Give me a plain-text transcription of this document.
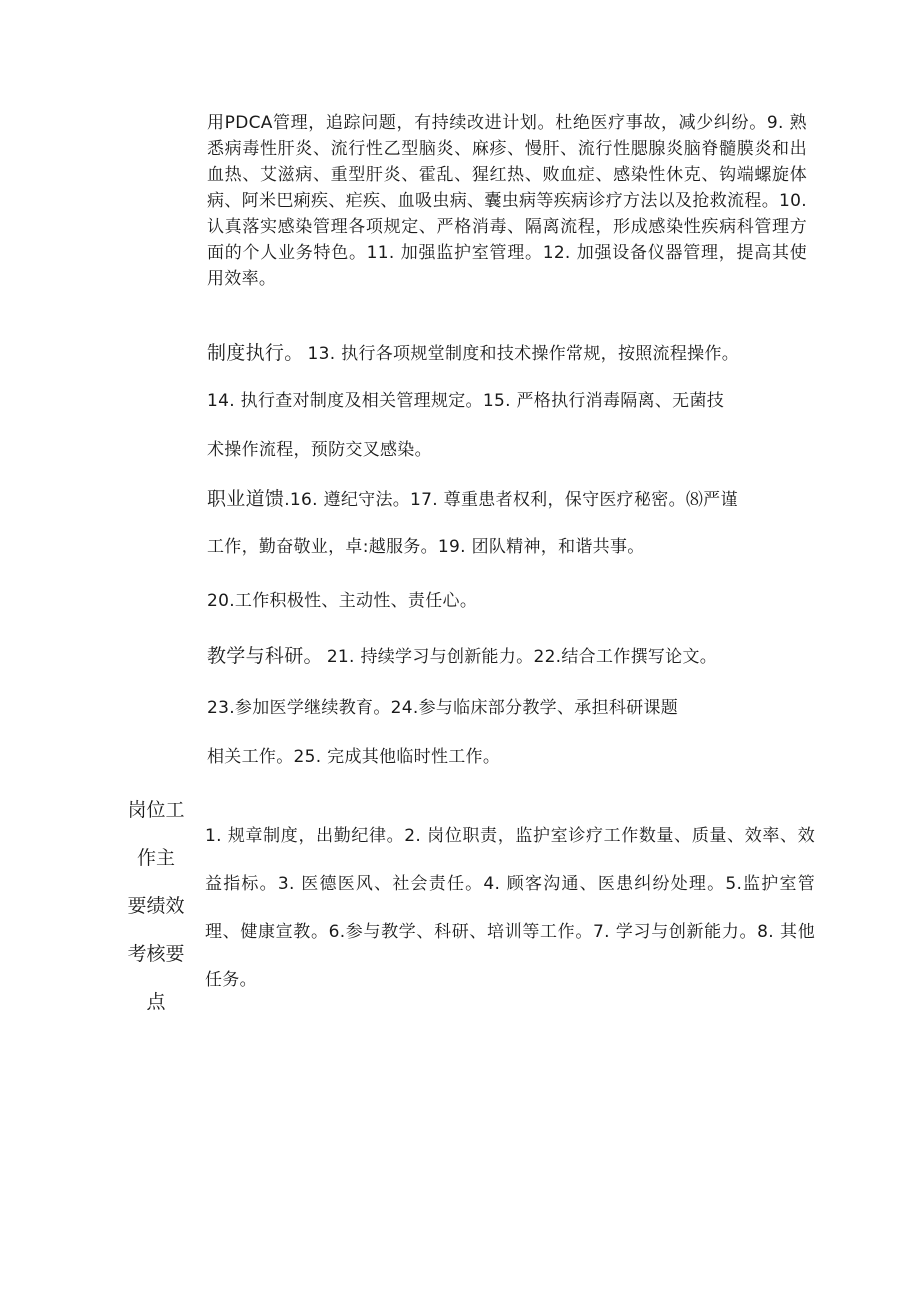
用PDCA管理，追踪问题，有持续改进计划。杜绝医疗事故，减少纠纷。9. 熟悉病毒性肝炎、流行性乙型脑炎、麻疹、慢肝、流行性腮腺炎脑脊髓膜炎和出血热、艾滋病、重型肝炎、霍乱、猩红热、败血症、感染性休克、钩端螺旋体病、阿米巴痢疾、疟疾、血吸虫病、囊虫病等疾病诊疗方法以及抢救流程。10.认真落实感染管理各项规定、严格消毒、隔离流程，形成感染性疾病科管理方面的个人业务特色。11. 加强监护室管理。12. 加强设备仪器管理，提高其使用效率。

制度执行。 13. 执行各项规堂制度和技术操作常规，按照流程操作。

14. 执行查对制度及相关管理规定。15. 严格执行消毒隔离、无菌技

术操作流程，预防交叉感染。

职业道馈.16. 遵纪守法。17. 尊重患者权利，保守医疗秘密。⑻严谨

工作，勤奋敬业，卓:越服务。19. 团队精神，和谐共事。

20.工作积极性、主动性、责任心。

教学与科研。 21. 持续学习与创新能力。22.结合工作撰写论文。

23.参加医学继续教育。24.参与临床部分教学、承担科研课题

相关工作。25. 完成其他临时性工作。

岗位工
作主
要绩效
考核要
点

1. 规章制度，出勤纪律。2. 岗位职责，监护室诊疗工作数量、质量、效率、效益指标。3. 医德医风、社会责任。4. 顾客沟通、医患纠纷处理。5.监护室管理、健康宣教。6.参与教学、科研、培训等工作。7. 学习与创新能力。8. 其他任务。
